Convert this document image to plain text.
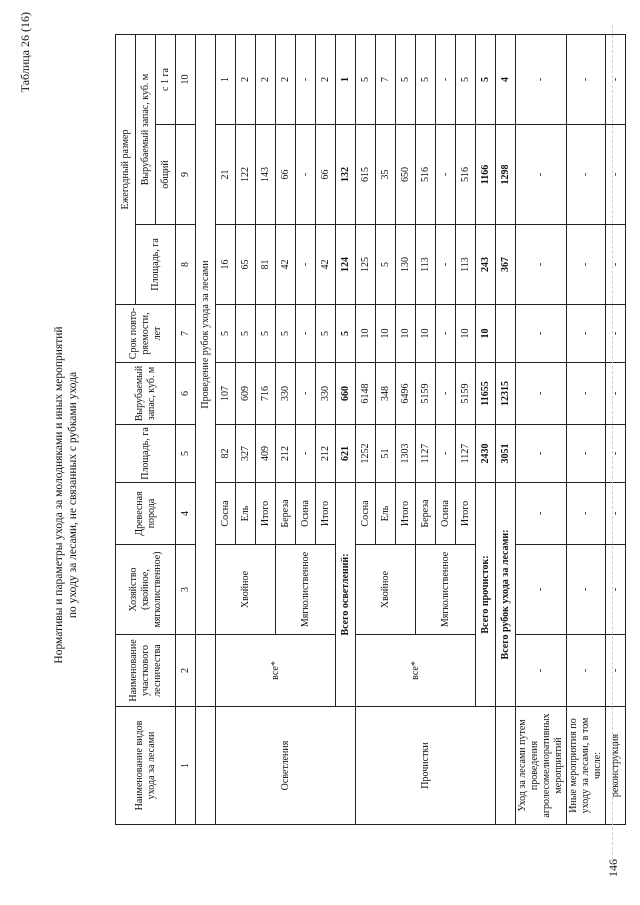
Таблица 26 (16)
Нормативы и параметры ухода за молодняками и иных мероприятий по уходу за лесами, не связанных с рубками ухода
Наименование видов ухода за лесами	Наименование участкового лесничества	Хозяйство (хвойное, мягколиственное)	Древесная порода	Площадь, га	Вырубаемый запас, куб. м	Срок повто-ряемости, лет	Ежегодный размер		
							Площадь, га	Вырубаемый запас, куб. м	
								общий	с 1 га
1	2	3	4	5	6	7	8	9	10
		Проведение рубок ухода за лесами							
Осветления	все*	Хвойное	Сосна	82	107	5	16	21	1
			Ель	327	609	5	65	122	2
			Итого	409	716	5	81	143	2
		Мягколиственное	Береза	212	330	5	42	66	2
			Осина	-	-	-	-	-	-
			Итого	212	330	5	42	66	2
	Всего осветлений:			621	660	5	124	132	1
Прочистки	все*	Хвойное	Сосна	1252	6148	10	125	615	5
			Ель	51	348	10	5	35	7
			Итого	1303	6496	10	130	650	5
		Мягколиственное	Береза	1127	5159	10	113	516	5
			Осина	-	-	-	-	-	-
			Итого	1127	5159	10	113	516	5
	Всего прочисток:			2430	11655	10	243	1166	5
	Всего рубок ухода за лесами:			3051	12315		367	1298	4
Уход за лесами путем проведения агролесомелиоративных мероприятий	-	-	-	-	-	-	-	-	-
Иные мероприятия по уходу за лесами, в том числе:	-	-	-	-	-	-	-	-	-
реконструкция	-	-	-	-	-	-	-	-	-
146
